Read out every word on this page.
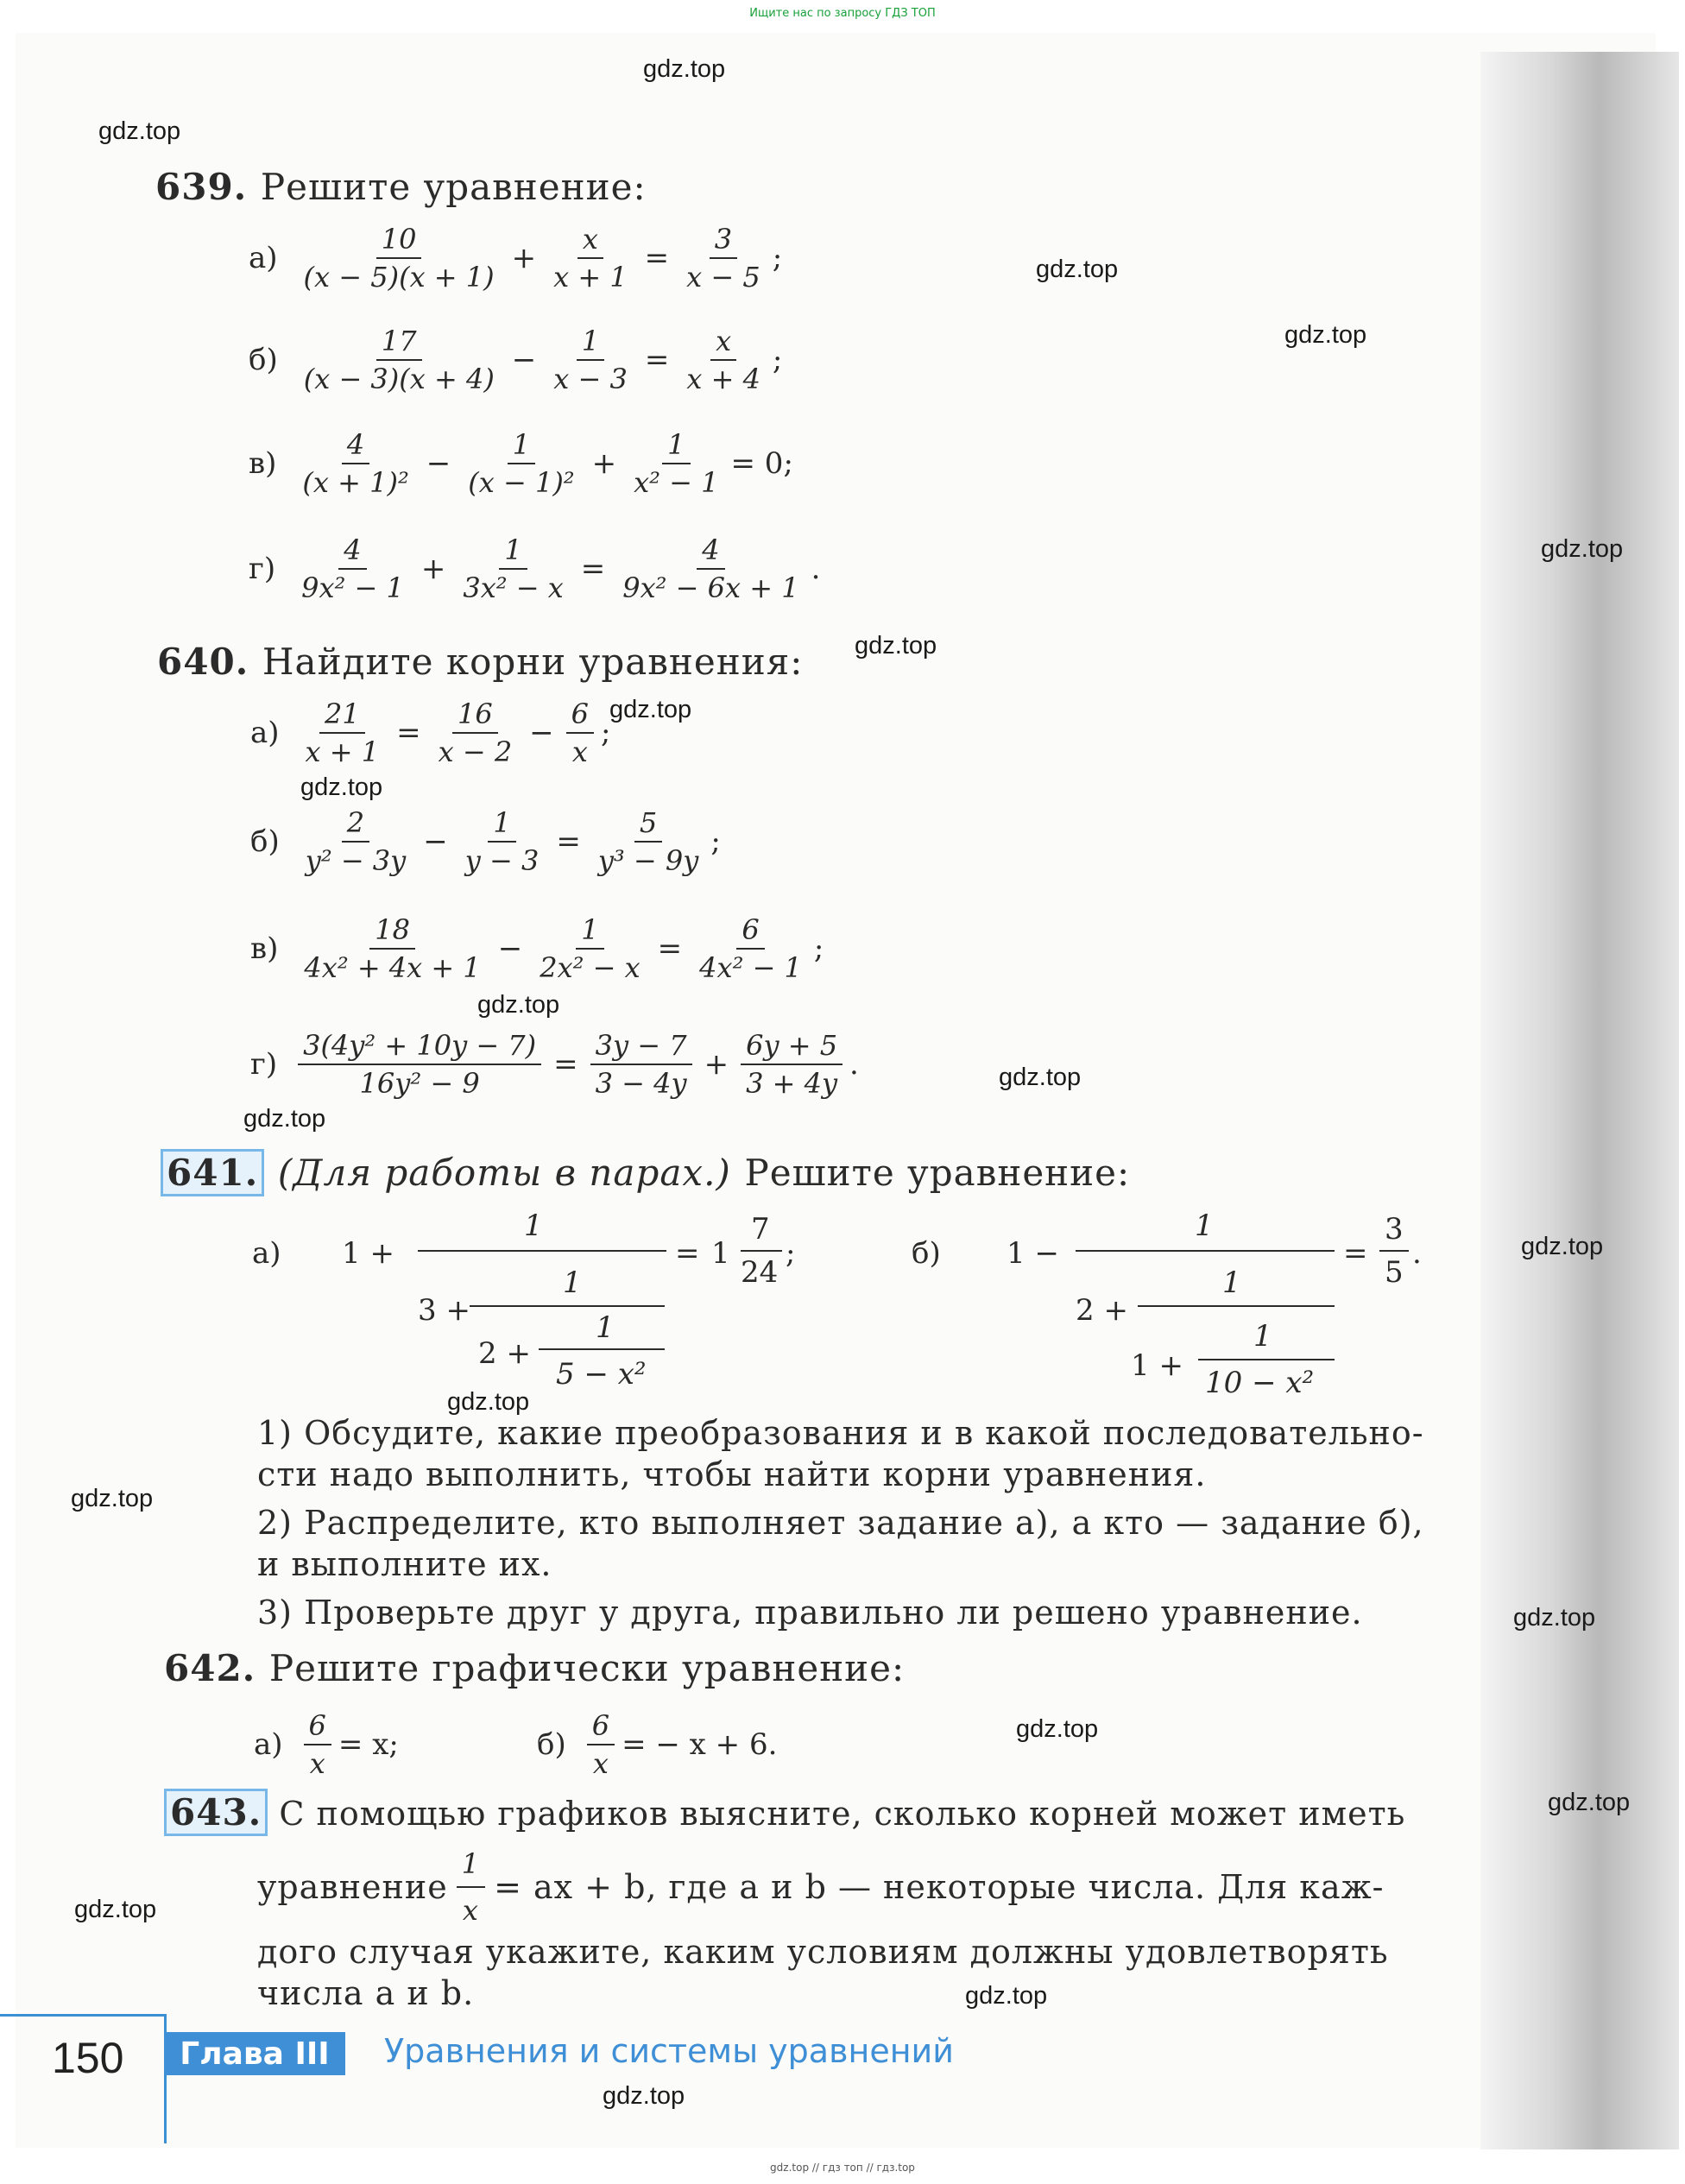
Ищите нас по запросу ГДЗ ТОП
gdz.top
gdz.top
gdz.top
gdz.top
gdz.top
gdz.top
gdz.top
gdz.top
gdz.top
gdz.top
gdz.top
gdz.top
gdz.top
gdz.top
gdz.top
gdz.top
gdz.top
gdz.top
gdz.top
gdz.top
639. Решите уравнение:
$а) \frac{10}{(x - 5)(x + 1)} + \frac{x}{x + 1} = \frac{3}{x - 5}$ ;
$б) \frac{17}{(x - 3)(x + 4)} - \frac{1}{x - 3} = \frac{x}{x + 4}$ ;
$в) \frac{4}{\text{(x + 1)²}} - \frac{1}{\text{(x − 1)²}} + \frac{1}{\text{x² − 1}} = 0$;
$г) \frac{4}{\text{9x² − 1}} + \frac{1}{\text{3x² − x}} = \frac{4}{\text{9x² − 6x + 1}}$ .
640. Найдите корни уравнения:
$а) \frac{21}{x + 1} = \frac{16}{x - 2} - \frac{6}{x}$ ;
$б) \frac{2}{\text{y² − 3y}} - \frac{1}{y - 3} = \frac{5}{\text{y³ − 9y}}$ ;
$в) \frac{18}{\text{4x² + 4x + 1}} - \frac{1}{\text{2x² − x}} = \frac{6}{\text{4x² − 1}}$ ;
$г) \frac{\text{3(4y² + 10y − 7)}}{\text{16y² − 9}} = \frac{3y - 7}{3 - 4y} + \frac{6y + 5}{3 + 4y}$ .
641. (Для работы в парах.) Решите уравнение:
а) 1 +
1
3 +
1
2 +
1
5 − x²
= 1
7
24
;	б) 1 −
1
2 +
1
1 +
1
10 − x²
=
3
5
.
1) Обсудите, какие преобразования и в какой последовательно-
сти надо выполнить, чтобы найти корни уравнения.
2) Распределите, кто выполняет задание а), а кто — задание б),
и выполните их.
3) Проверьте друг у друга, правильно ли решено уравнение.
642. Решите графически уравнение:
$а) \frac{6}{x} = x$;	$б) \frac{6}{x}$ = − x + 6.
643. С помощью графиков выясните, сколько корней может иметь
уравнение $\frac{1}{x}$ = ax + b, где a и b — некоторые числа. Для каж-
дого случая укажите, каким условиям должны удовлетворять
числа a и b.
150	Глава III	Уравнения и системы уравнений
gdz.top // гдз топ // гдз.top
